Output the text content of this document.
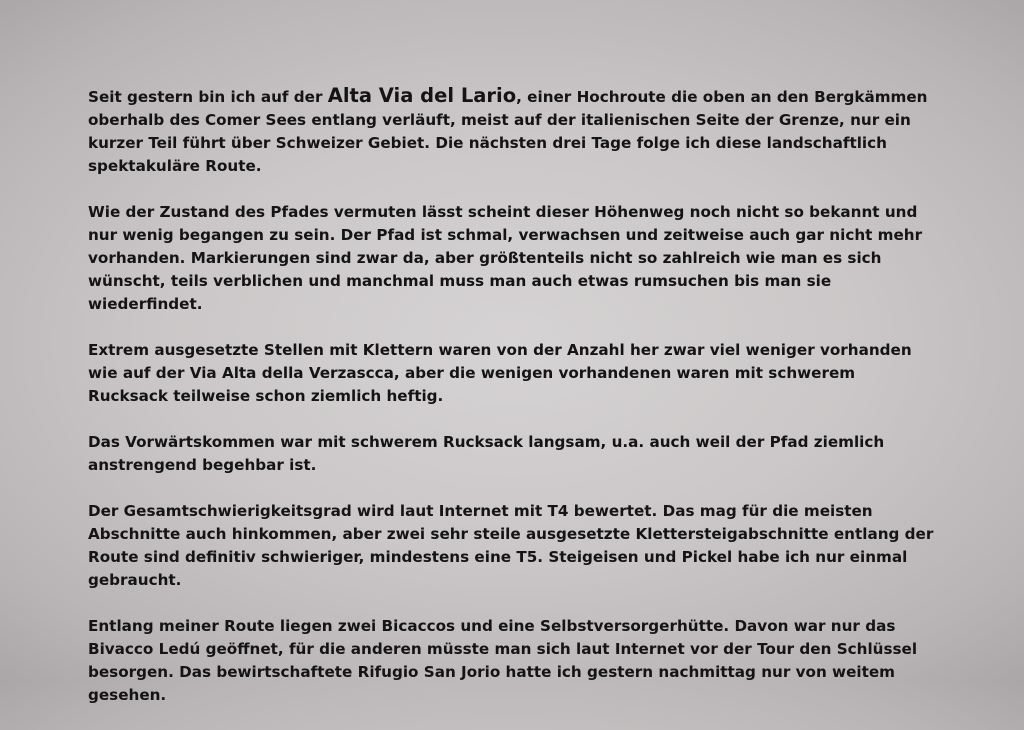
Seit gestern bin ich auf der Alta Via del Lario, einer Hochroute die oben an den Bergkämmen oberhalb des Comer Sees entlang verläuft, meist auf der italienischen Seite der Grenze, nur ein kurzer Teil führt über Schweizer Gebiet. Die nächsten drei Tage folge ich diese landschaftlich spektakuläre Route.

Wie der Zustand des Pfades vermuten lässt scheint dieser Höhenweg noch nicht so bekannt und nur wenig begangen zu sein. Der Pfad ist schmal, verwachsen und zeitweise auch gar nicht mehr vorhanden. Markierungen sind zwar da, aber größtenteils nicht so zahlreich wie man es sich wünscht, teils verblichen und manchmal muss man auch etwas rumsuchen bis man sie wiederfindet.

Extrem ausgesetzte Stellen mit Klettern waren von der Anzahl her zwar viel weniger vorhanden wie auf der Via Alta della Verzascca, aber die wenigen vorhandenen waren mit schwerem Rucksack teilweise schon ziemlich heftig.

Das Vorwärtskommen war mit schwerem Rucksack langsam, u.a. auch weil der Pfad ziemlich anstrengend begehbar ist.

Der Gesamtschwierigkeitsgrad wird laut Internet mit T4 bewertet. Das mag für die meisten Abschnitte auch hinkommen, aber zwei sehr steile ausgesetzte Klettersteigabschnitte entlang der Route sind definitiv schwieriger, mindestens eine T5. Steigeisen und Pickel habe ich nur einmal gebraucht.

Entlang meiner Route liegen zwei Bicaccos und eine Selbstversorgerhütte. Davon war nur das Bivacco Ledú geöffnet, für die anderen müsste man sich laut Internet vor der Tour den Schlüssel besorgen. Das bewirtschaftete Rifugio San Jorio hatte ich gestern nachmittag nur von weitem gesehen.
